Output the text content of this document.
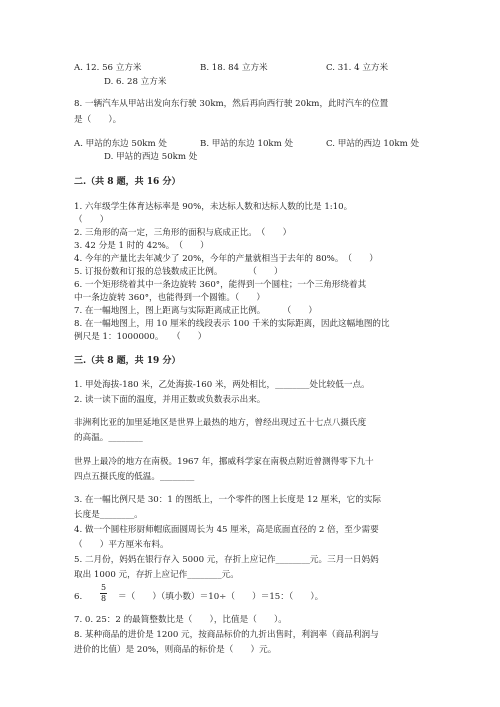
A. 12. 56 立方米	B. 18. 84 立方米	C. 31. 4 立方米
D. 6. 28 立方米
8. 一辆汽车从甲站出发向东行驶 30km，然后再向西行驶 20km，此时汽车的位置
是（　　）。
A. 甲站的东边 50km 处	B. 甲站的东边 10km 处	C. 甲站的西边 10km 处
D. 甲站的西边 50km 处
二.（共 8 题，共 16 分）
1. 六年级学生体育达标率是 90%，未达标人数和达标人数的比是 1:10。
（　　）
2. 三角形的高一定，三角形的面积与底成正比。　（　　）
3. 42 分是 1 时的 42%。　（　　）
4. 今年的产量比去年减少了 20%，今年的产量就相当于去年的 80%。　（　　）
5. 订报份数和订报的总钱数成正比例。　　　　（　　）
6. 一个矩形绕着其中一条边旋转 360°，能得到一个圆柱；一个三角形绕着其
中一条边旋转 360°，也能得到一个圆锥。（　　）
7. 在一幅地图上，图上距离与实际距离成正比例。　　　（　　）
8. 在一幅地图上，用 10 厘米的线段表示 100 千米的实际距离，因此这幅地图的比
例尺是 1：1000000。　　（　　）
三.（共 8 题，共 19 分）
1. 甲处海拔-180 米，乙处海拔-160 米，两处相比，________处比较低一点。
2. 读一读下面的温度，并用正数或负数表示出来。
非洲利比亚的加里延地区是世界上最热的地方，曾经出现过五十七点八摄氏度
的高温。________
世界上最冷的地方在南极。1967 年，挪威科学家在南极点附近曾测得零下九十
四点五摄氏度的低温。________
3. 在一幅比例尺是 30：1 的图纸上，一个零件的图上长度是 12 厘米，它的实际
长度是________。
4. 做一个圆柱形厨师帽底面圆周长为 45 厘米，高是底面直径的 2 倍，至少需要
（　　）平方厘米布料。
5. 二月份，妈妈在银行存入 5000 元，存折上应记作________元。三月一日妈妈
取出 1000 元，存折上应记作________元。
6. $\frac{5}{8}$ ＝（　　）（填小数）＝10÷（　　）＝15：（　　）。
7. 0. 25：2 的最简整数比是（　　），比值是（　　）。
8. 某种商品的进价是 1200 元，按商品标价的九折出售时，利润率（商品利润与
进价的比值）是 20%，则商品的标价是（　　）元。
